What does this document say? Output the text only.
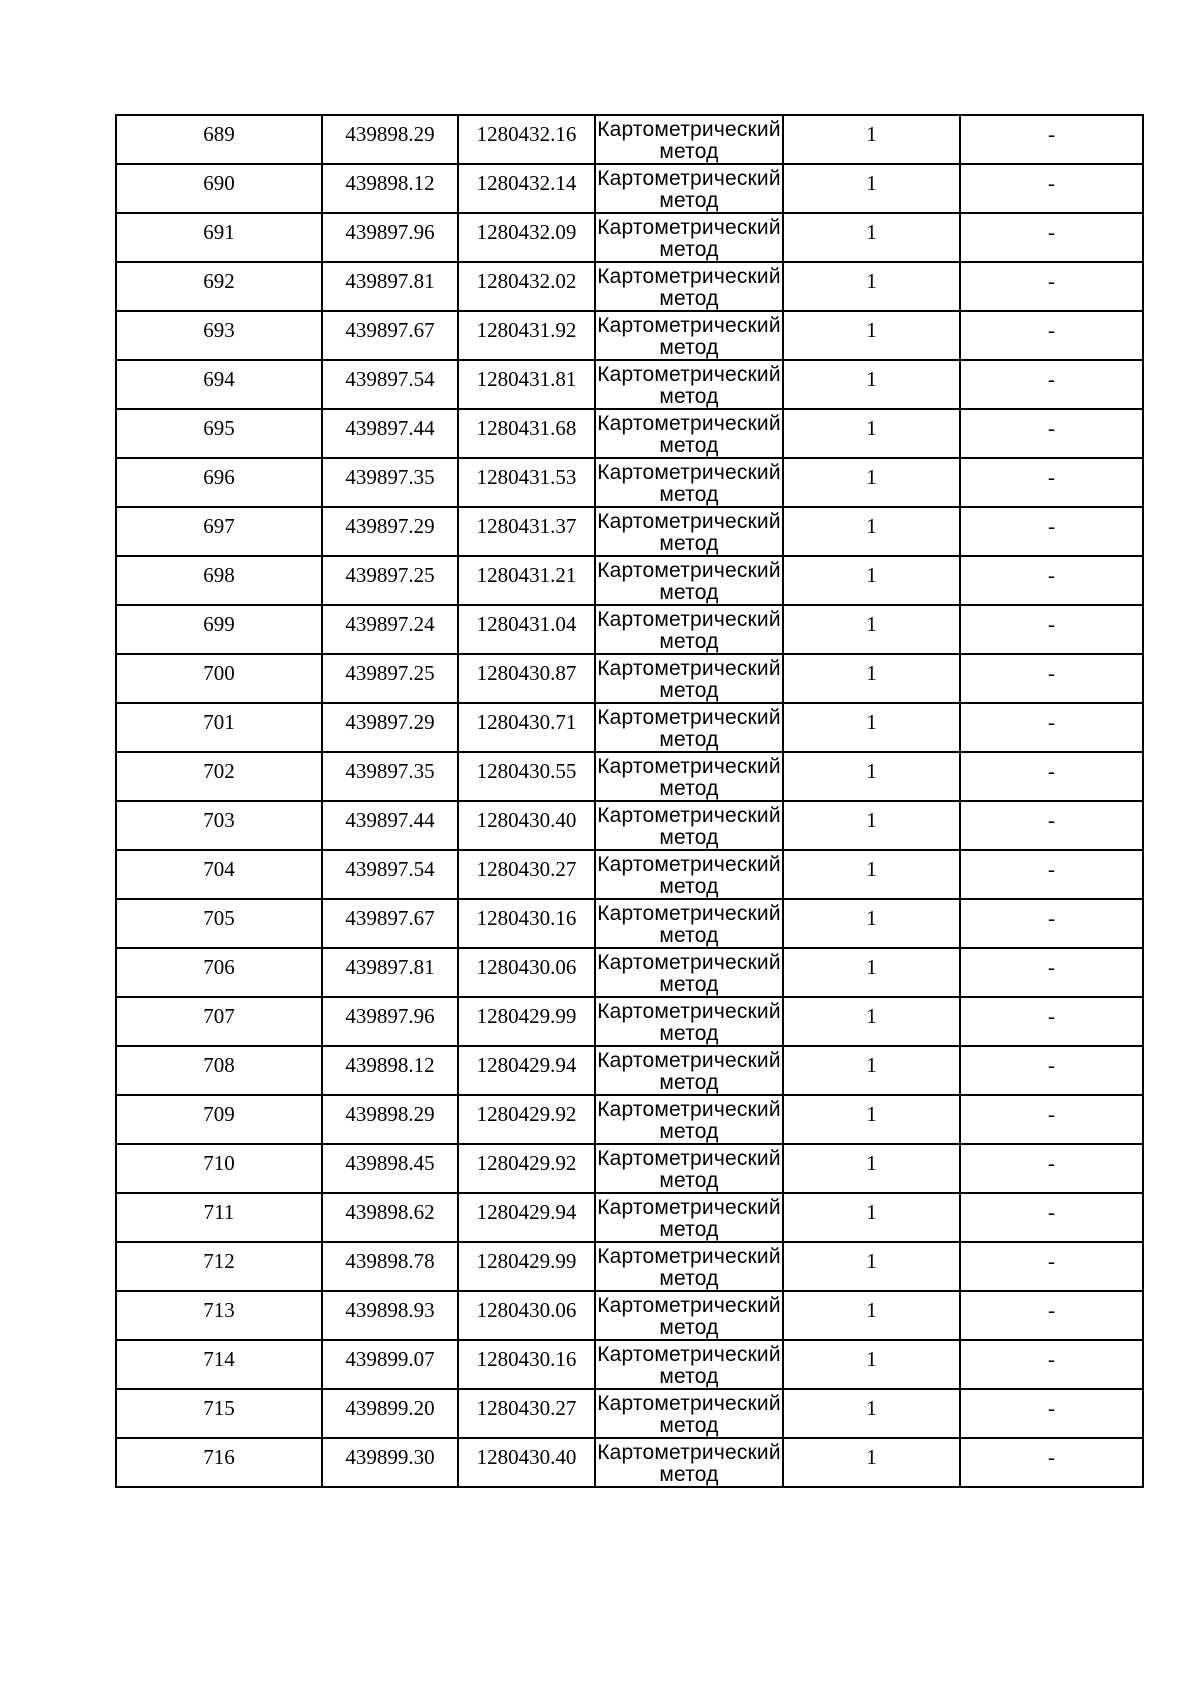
689	439898.29	1280432.16	Картометрический
метод	1	-
690	439898.12	1280432.14	Картометрический
метод	1	-
691	439897.96	1280432.09	Картометрический
метод	1	-
692	439897.81	1280432.02	Картометрический
метод	1	-
693	439897.67	1280431.92	Картометрический
метод	1	-
694	439897.54	1280431.81	Картометрический
метод	1	-
695	439897.44	1280431.68	Картометрический
метод	1	-
696	439897.35	1280431.53	Картометрический
метод	1	-
697	439897.29	1280431.37	Картометрический
метод	1	-
698	439897.25	1280431.21	Картометрический
метод	1	-
699	439897.24	1280431.04	Картометрический
метод	1	-
700	439897.25	1280430.87	Картометрический
метод	1	-
701	439897.29	1280430.71	Картометрический
метод	1	-
702	439897.35	1280430.55	Картометрический
метод	1	-
703	439897.44	1280430.40	Картометрический
метод	1	-
704	439897.54	1280430.27	Картометрический
метод	1	-
705	439897.67	1280430.16	Картометрический
метод	1	-
706	439897.81	1280430.06	Картометрический
метод	1	-
707	439897.96	1280429.99	Картометрический
метод	1	-
708	439898.12	1280429.94	Картометрический
метод	1	-
709	439898.29	1280429.92	Картометрический
метод	1	-
710	439898.45	1280429.92	Картометрический
метод	1	-
711	439898.62	1280429.94	Картометрический
метод	1	-
712	439898.78	1280429.99	Картометрический
метод	1	-
713	439898.93	1280430.06	Картометрический
метод	1	-
714	439899.07	1280430.16	Картометрический
метод	1	-
715	439899.20	1280430.27	Картометрический
метод	1	-
716	439899.30	1280430.40	Картометрический
метод	1	-
